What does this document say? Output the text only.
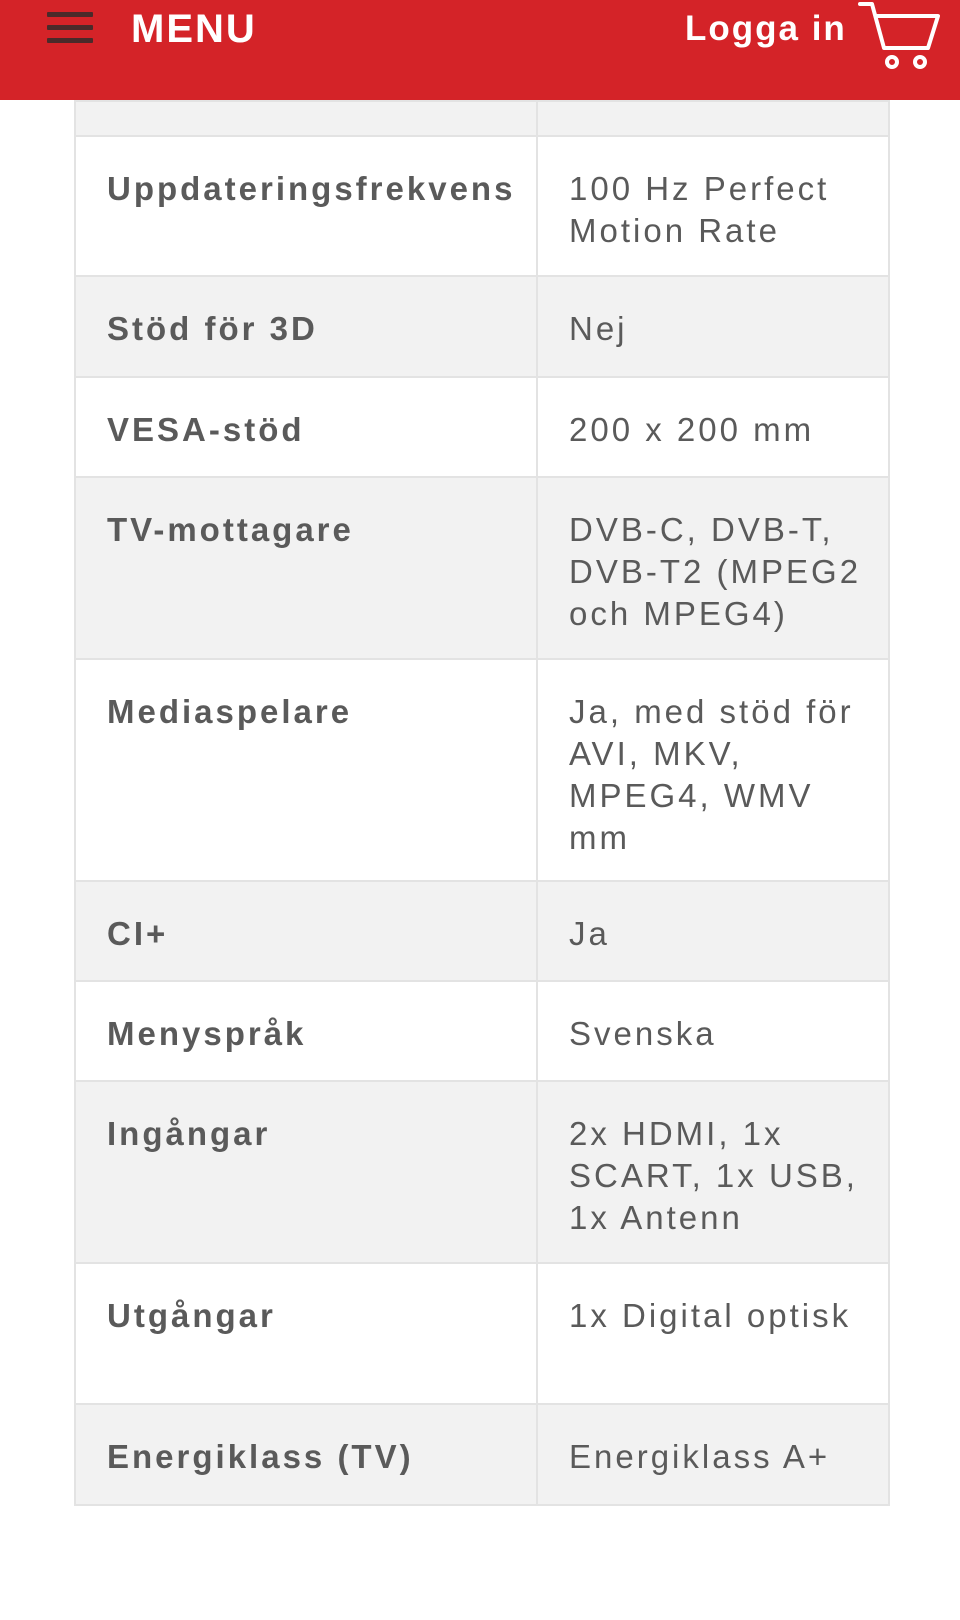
MENU	Logga in

Uppdateringsfrekvens	100 Hz Perfect Motion Rate

Stöd för 3D	Nej

VESA-stöd	200 x 200 mm

TV-mottagare	DVB-C, DVB-T, DVB-T2 (MPEG2 och MPEG4)

Mediaspelare	Ja, med stöd för AVI, MKV, MPEG4, WMV mm

CI+	Ja

Menyspråk	Svenska

Ingångar	2x HDMI, 1x SCART, 1x USB, 1x Antenn

Utgångar	1x Digital optisk

Energiklass (TV)	Energiklass A+
